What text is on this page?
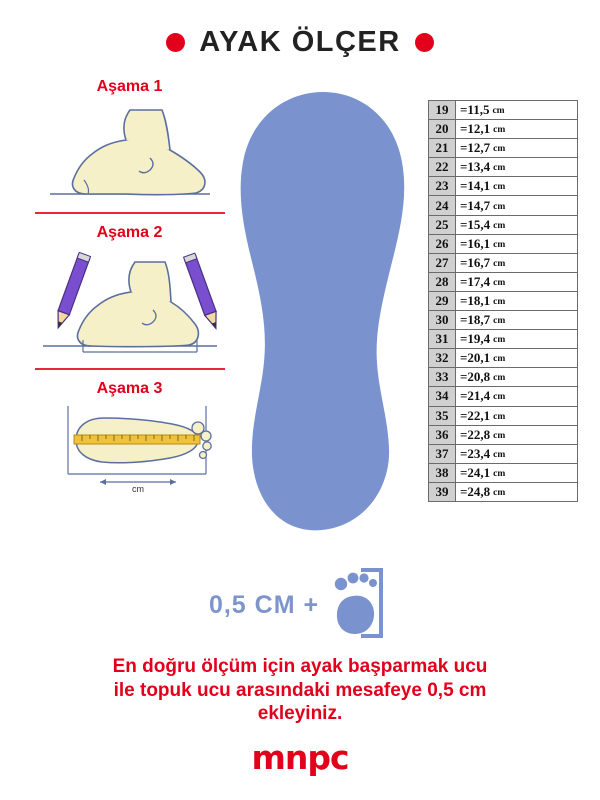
AYAK ÖLÇER
Aşama 1
Aşama 2
Aşama 3
cm
19 =11,5 cm
20 =12,1 cm
21 =12,7 cm
22 =13,4 cm
23 =14,1 cm
24 =14,7 cm
25 =15,4 cm
26 =16,1 cm
27 =16,7 cm
28 =17,4 cm
29 =18,1 cm
30 =18,7 cm
31 =19,4 cm
32 =20,1 cm
33 =20,8 cm
34 =21,4 cm
35 =22,1 cm
36 =22,8 cm
37 =23,4 cm
38 =24,1 cm
39 =24,8 cm
0,5 CM +
En doğru ölçüm için ayak başparmak ucu
ile topuk ucu arasındaki mesafeye 0,5 cm
ekleyiniz.
mnpc
